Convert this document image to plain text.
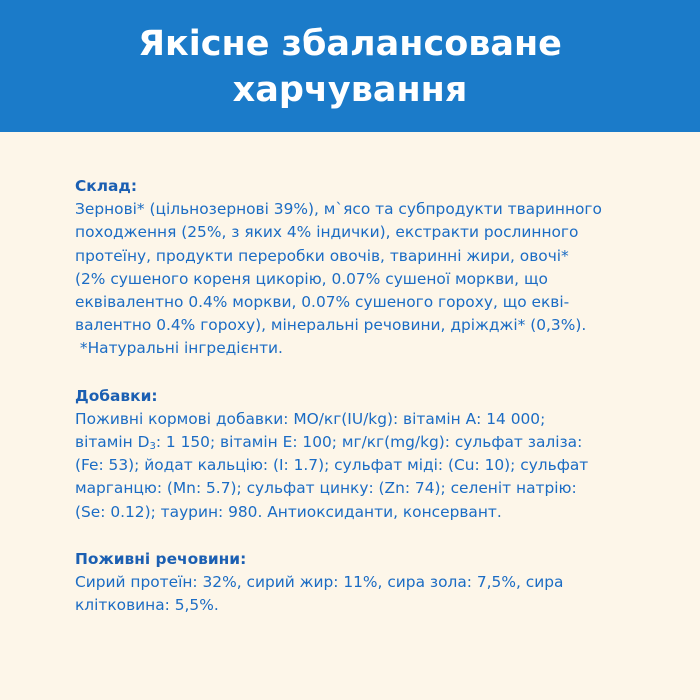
Якісне збалансоване
харчування
Склад:
Зернові* (цільнозернові 39%), м`ясо та субпродукти тваринного
походження (25%, з яких 4% індички), екстракти рослинного
протеїну, продукти переробки овочів, тваринні жири, овочі*
(2% сушеного кореня цикорію, 0.07% сушеної моркви, що
еквівалентно 0.4% моркви, 0.07% сушеного гороху, що екві-
валентно 0.4% гороху), мінеральні речовини, дріжджі* (0,3%).
*Натуральні інгредієнти.
Добавки:
Поживні кормові добавки: МО/кг(IU/kg): вітамін А: 14 000;
вітамін $D_3$: 1 150; вітамін Е: 100; мг/кг(mg/kg): сульфат заліза:
(Fe: 53); йодат кальцію: (I: 1.7); сульфат міді: (Cu: 10); сульфат
марганцю: (Mn: 5.7); сульфат цинку: (Zn: 74); селеніт натрію:
(Se: 0.12); таурин: 980. Антиоксиданти, консервант.
Поживні речовини:
Сирий протеїн: 32%, сирий жир: 11%, сира зола: 7,5%, сира
клітковина: 5,5%.
